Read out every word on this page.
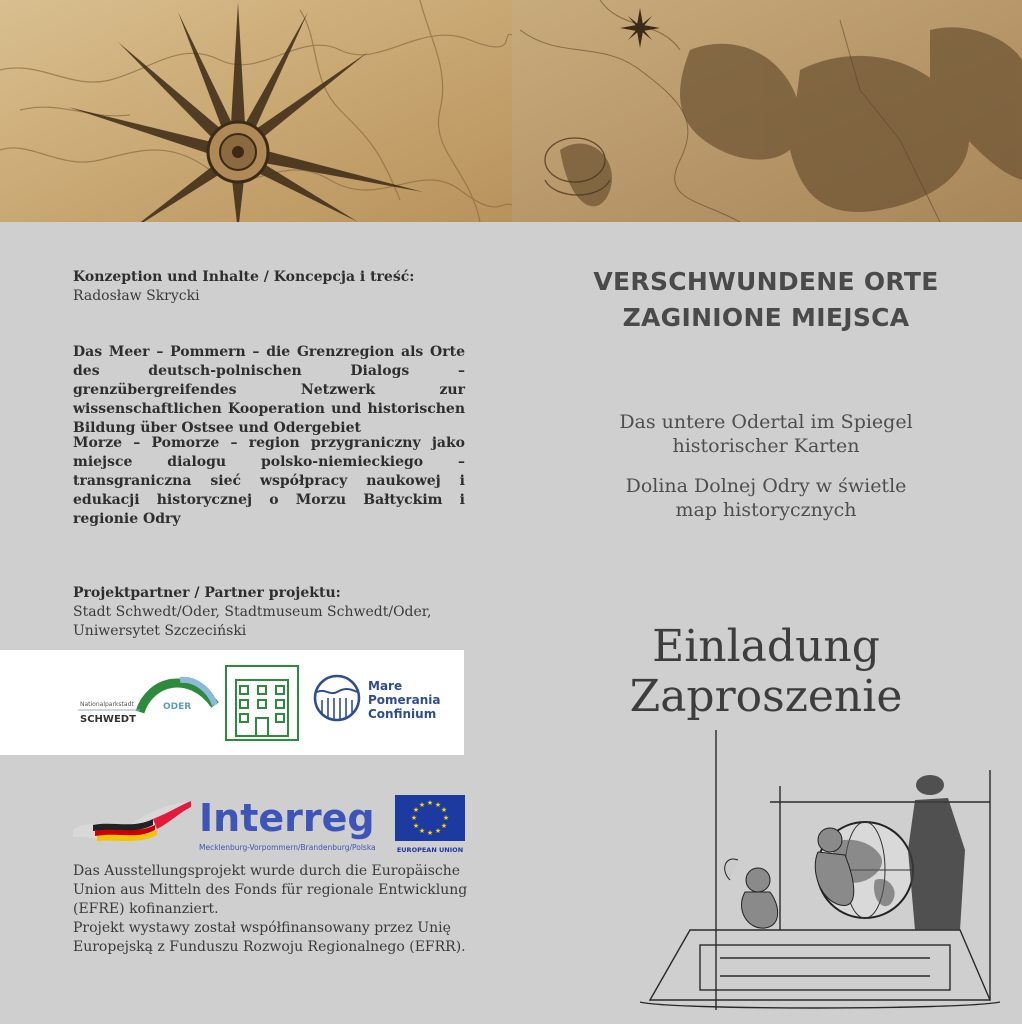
Konzeption und Inhalte / Koncepcja i treść:
Radosław Skrycki
Das Meer – Pommern – die Grenzregion als Orte des deutsch-polnischen Dialogs – grenzübergreifendes Netzwerk zur wissenschaftlichen Kooperation und historischen Bildung über Ostsee und Odergebiet
Morze – Pomorze – region przygraniczny jako miejsce dialogu polsko-niemieckiego – transgraniczna sieć współpracy naukowej i edukacji historycznej o Morzu Bałtyckim i regionie Odry
Projektpartner / Partner projektu:
Stadt Schwedt/Oder, Stadtmuseum Schwedt/Oder,
Uniwersytet Szczeciński
Nationalparkstadt
SCHWEDT
ODER
Mare
Pomerania
Confinium
Interreg
Mecklenburg-Vorpommern/Brandenburg/Polska
★ ★
★
★
★
★
★
★
★
★
★
★
EUROPEAN UNION
Das Ausstellungsprojekt wurde durch die Europäische
Union aus Mitteln des Fonds für regionale Entwicklung
(EFRE) kofinanziert.
Projekt wystawy został współfinansowany przez Unię
Europejską z Funduszu Rozwoju Regionalnego (EFRR).
VERSCHWUNDENE ORTE
ZAGINIONE MIEJSCA
Das untere Odertal im Spiegel
historischer Karten
Dolina Dolnej Odry w świetle
map historycznych
Einladung
Zaproszenie
